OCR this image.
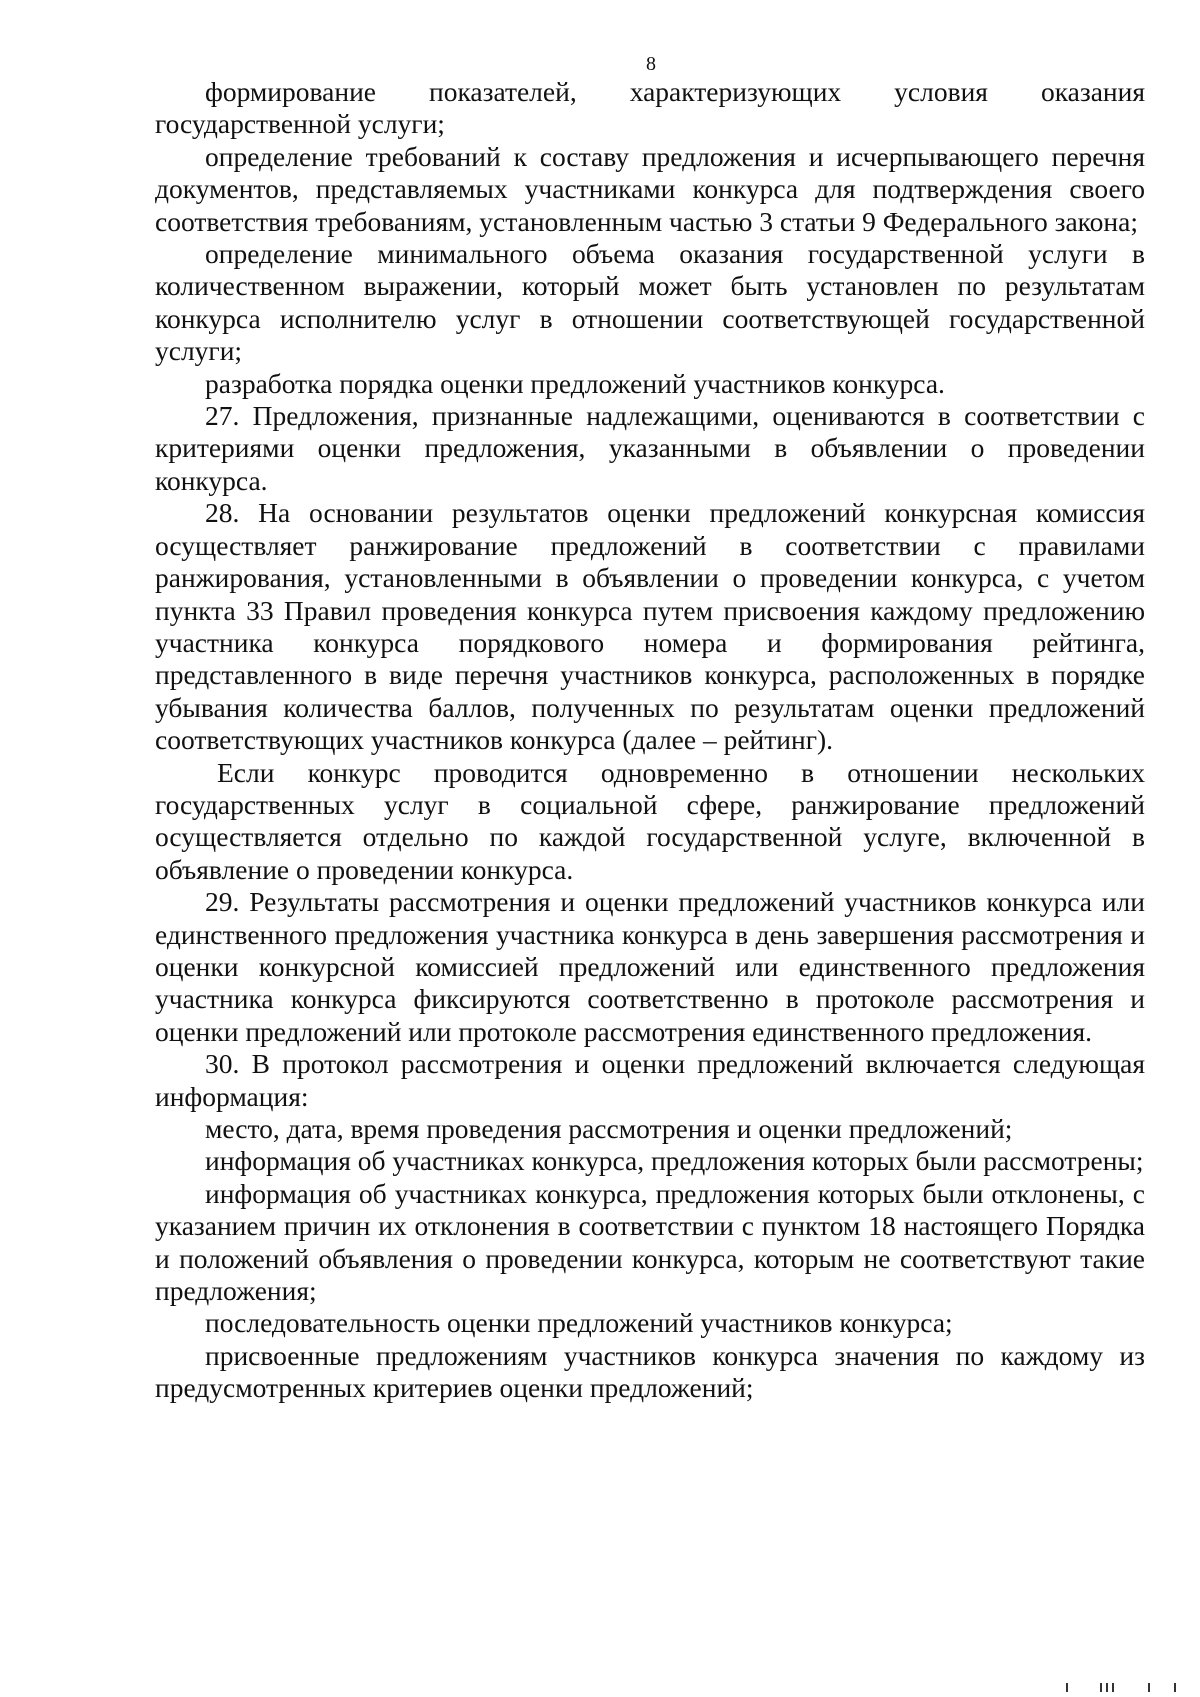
8

формирование показателей, характеризующих условия оказания государственной услуги;

определение требований к составу предложения и исчерпывающего перечня документов, представляемых участниками конкурса для подтверждения своего соответствия требованиям, установленным частью 3 статьи 9 Федерального закона;

определение минимального объема оказания государственной услуги в количественном выражении, который может быть установлен по результатам конкурса исполнителю услуг в отношении соответствующей государственной услуги;

разработка порядка оценки предложений участников конкурса.

27. Предложения, признанные надлежащими, оцениваются в соответствии с критериями оценки предложения, указанными в объявлении о проведении конкурса.

28. На основании результатов оценки предложений конкурсная комиссия осуществляет ранжирование предложений в соответствии с правилами ранжирования, установленными в объявлении о проведении конкурса, с учетом пункта 33 Правил проведения конкурса путем присвоения каждому предложению участника конкурса порядкового номера и формирования рейтинга, представленного в виде перечня участников конкурса, расположенных в порядке убывания количества баллов, полученных по результатам оценки предложений соответствующих участников конкурса (далее – рейтинг).

Если конкурс проводится одновременно в отношении нескольких государственных услуг в социальной сфере, ранжирование предложений осуществляется отдельно по каждой государственной услуге, включенной в объявление о проведении конкурса.

29. Результаты рассмотрения и оценки предложений участников конкурса или единственного предложения участника конкурса в день завершения рассмотрения и оценки конкурсной комиссией предложений или единственного предложения участника конкурса фиксируются соответственно в протоколе рассмотрения и оценки предложений или протоколе рассмотрения единственного предложения.

30. В протокол рассмотрения и оценки предложений включается следующая информация:

место, дата, время проведения рассмотрения и оценки предложений;

информация об участниках конкурса, предложения которых были рассмотрены;

информация об участниках конкурса, предложения которых были отклонены, с указанием причин их отклонения в соответствии с пунктом 18 настоящего Порядка и положений объявления о проведении конкурса, которым не соответствуют такие предложения;

последовательность оценки предложений участников конкурса;

присвоенные предложениям участников конкурса значения по каждому из предусмотренных критериев оценки предложений;
